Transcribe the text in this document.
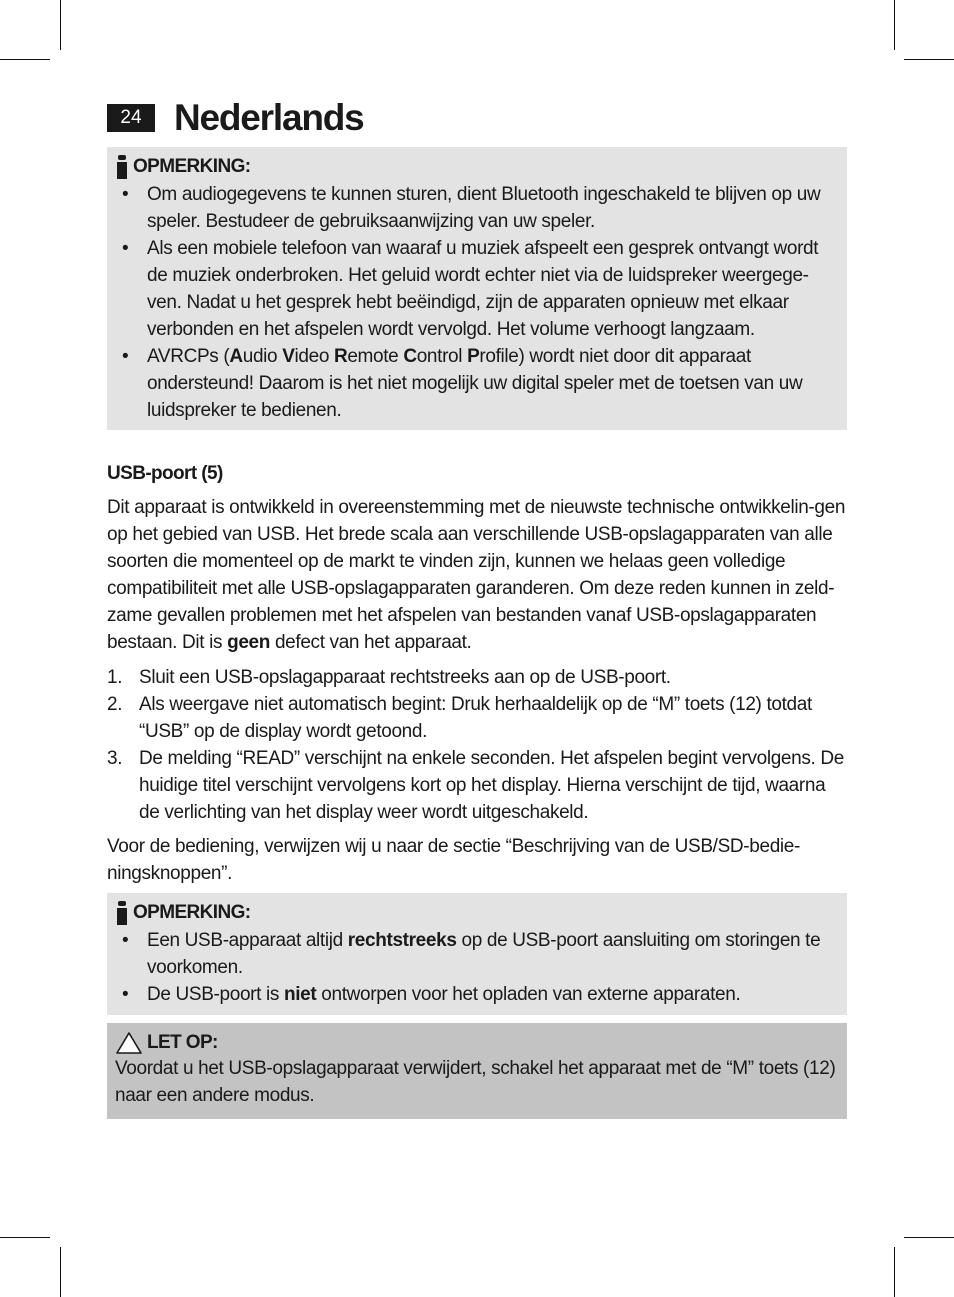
24 Nederlands
OPMERKING:
• Om audiogegevens te kunnen sturen, dient Bluetooth ingeschakeld te blijven op uw speler. Bestudeer de gebruiksaanwijzing van uw speler.
• Als een mobiele telefoon van waaraf u muziek afspeelt een gesprek ontvangt wordt de muziek onderbroken. Het geluid wordt echter niet via de luidspreker weergege-ven. Nadat u het gesprek hebt beëindigd, zijn de apparaten opnieuw met elkaar verbonden en het afspelen wordt vervolgd. Het volume verhoogt langzaam.
• AVRCPs (Audio Video Remote Control Profile) wordt niet door dit apparaat ondersteund! Daarom is het niet mogelijk uw digital speler met de toetsen van uw luidspreker te bedienen.
USB-poort (5)
Dit apparaat is ontwikkeld in overeenstemming met de nieuwste technische ontwikkelin-gen op het gebied van USB. Het brede scala aan verschillende USB-opslagapparaten van alle soorten die momenteel op de markt te vinden zijn, kunnen we helaas geen volledige compatibiliteit met alle USB-opslagapparaten garanderen. Om deze reden kunnen in zeld-zame gevallen problemen met het afspelen van bestanden vanaf USB-opslagapparaten bestaan. Dit is geen defect van het apparaat.
1. Sluit een USB-opslagapparaat rechtstreeks aan op de USB-poort.
2. Als weergave niet automatisch begint: Druk herhaaldelijk op de “M” toets (12) totdat “USB” op de display wordt getoond.
3. De melding “READ” verschijnt na enkele seconden. Het afspelen begint vervolgens. De huidige titel verschijnt vervolgens kort op het display. Hierna verschijnt de tijd, waarna de verlichting van het display weer wordt uitgeschakeld.
Voor de bediening, verwijzen wij u naar de sectie “Beschrijving van de USB/SD-bedie-ningsknoppen”.
OPMERKING:
• Een USB-apparaat altijd rechtstreeks op de USB-poort aansluiting om storingen te voorkomen.
• De USB-poort is niet ontworpen voor het opladen van externe apparaten.
LET OP:
Voordat u het USB-opslagapparaat verwijdert, schakel het apparaat met de “M” toets (12) naar een andere modus.
